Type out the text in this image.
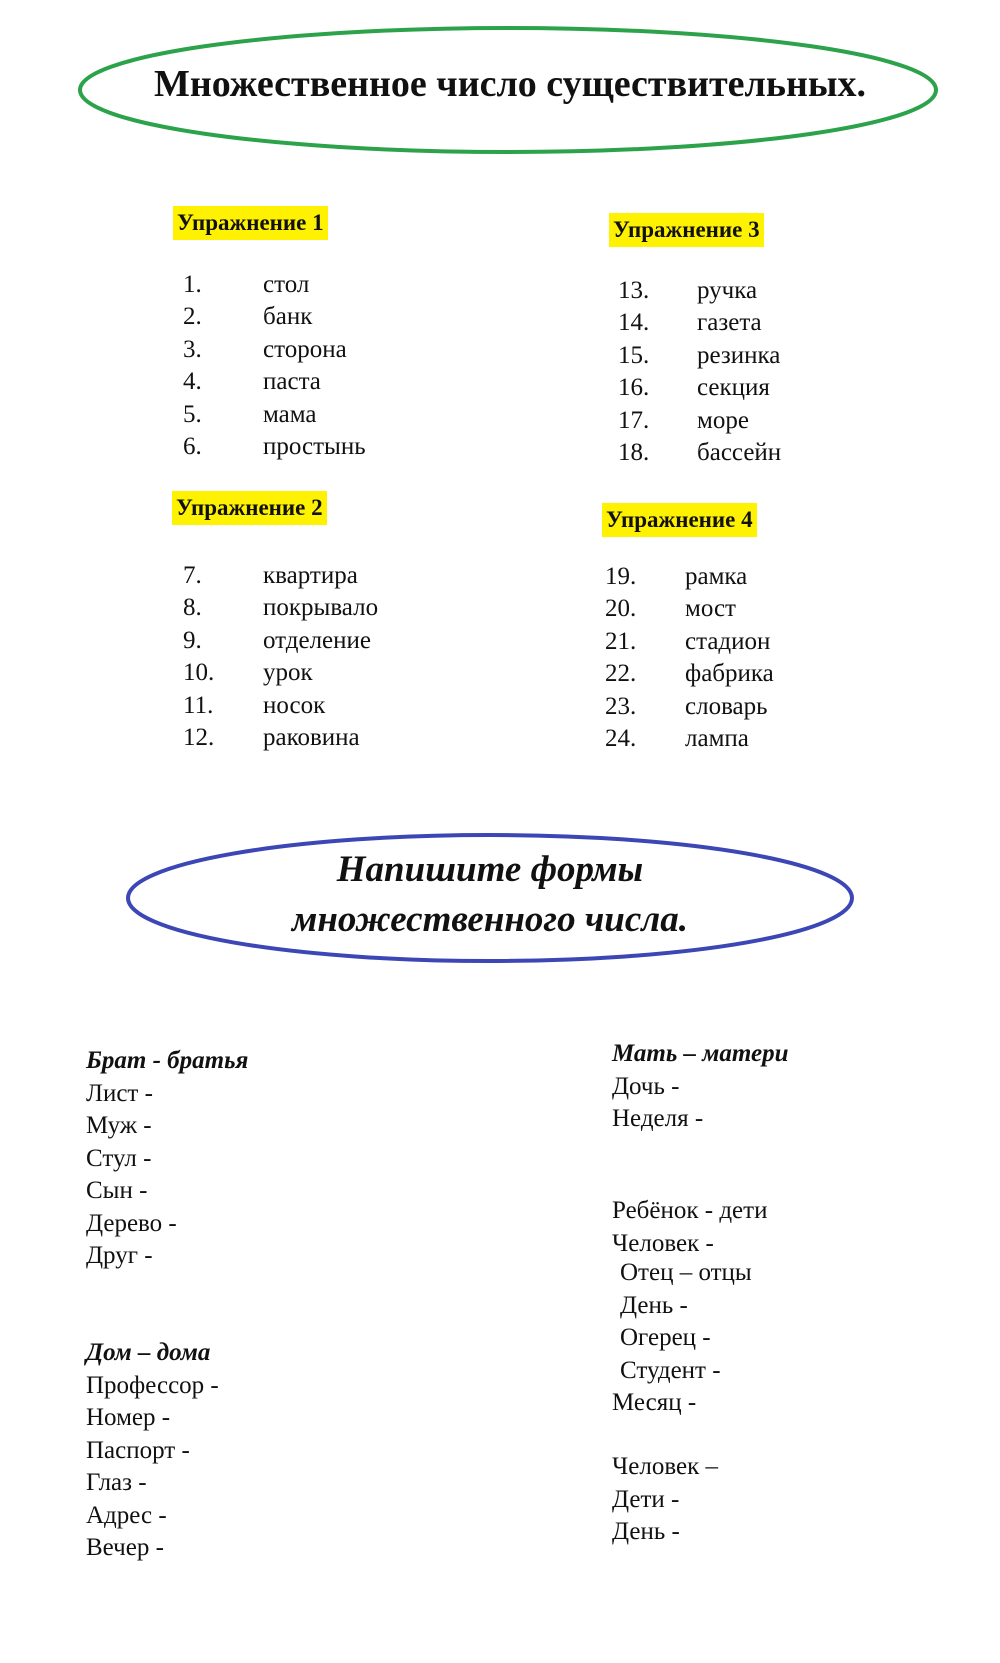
Множественное число существительных.
Упражнение 1
1. стол
2. банк
3. сторона
4. паста
5. мама
6. простынь
Упражнение 2
7. квартира
8. покрывало
9. отделение
10. урок
11. носок
12. раковина
Упражнение 3
13. ручка
14. газета
15. резинка
16. секция
17. море
18. бассейн
Упражнение 4
19. рамка
20. мост
21. стадион
22. фабрика
23. словарь
24. лампа
Напишите формы
множественного числа.
Брат - братья
Лист -
Муж -
Стул -
Сын -
Дерево -
Друг -
Дом – дома
Профессор -
Номер -
Паспорт -
Глаз -
Адрес -
Вечер -
Мать – матери
Дочь -
Неделя -
Ребёнок - дети
Человек -
Отец – отцы
День -
Огерец -
Студент -
Месяц -
Человек –
Дети -
День -
